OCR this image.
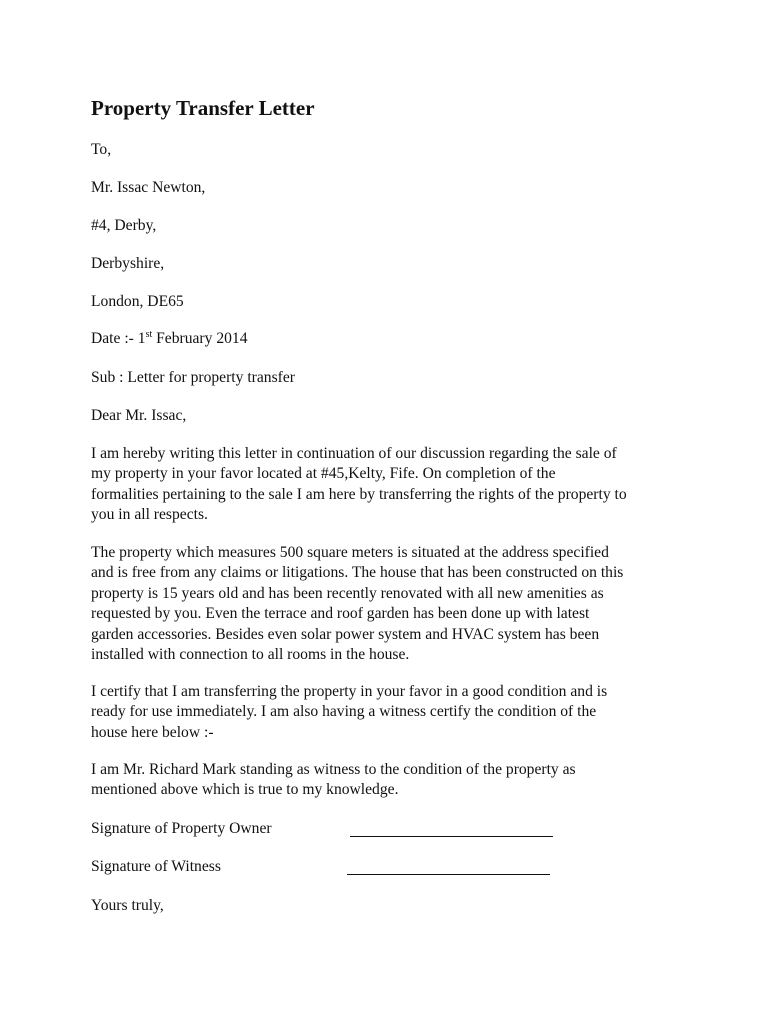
Property Transfer Letter
To,
Mr. Issac Newton,
#4, Derby,
Derbyshire,
London, DE65
Date :- 1st February 2014
Sub : Letter for property transfer
Dear Mr. Issac,
I am hereby writing this letter in continuation of our discussion regarding the sale of
my property in your favor located at #45,Kelty, Fife. On completion of the
formalities pertaining to the sale I am here by transferring the rights of the property to
you in all respects.
The property which measures 500 square meters is situated at the address specified
and is free from any claims or litigations. The house that has been constructed on this
property is 15 years old and has been recently renovated with all new amenities as
requested by you. Even the terrace and roof garden has been done up with latest
garden accessories. Besides even solar power system and HVAC system has been
installed with connection to all rooms in the house.
I certify that I am transferring the property in your favor in a good condition and is
ready for use immediately. I am also having a witness certify the condition of the
house here below :-
I am Mr. Richard Mark standing as witness to the condition of the property as
mentioned above which is true to my knowledge.
Signature of Property Owner
Signature of Witness
Yours truly,
